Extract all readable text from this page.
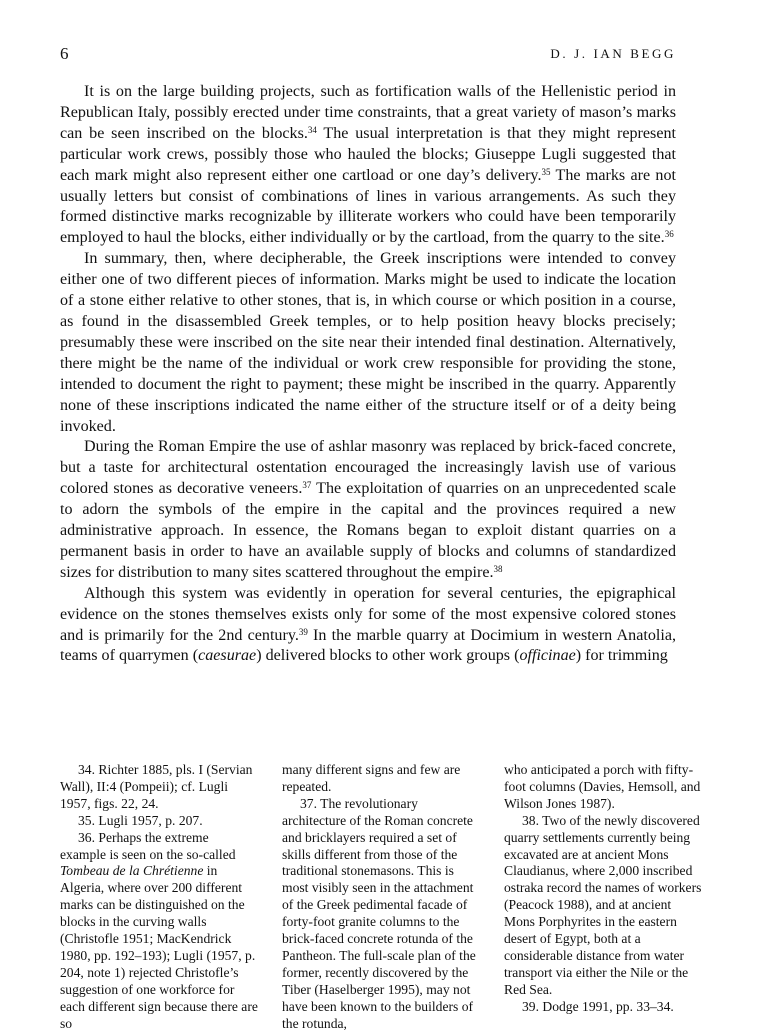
6	D. J. IAN BEGG

It is on the large building projects, such as fortification walls of the Hellenistic period in Republican Italy, possibly erected under time constraints, that a great variety of mason’s marks can be seen inscribed on the blocks.$^{34}$ The usual interpretation is that they might represent particular work crews, possibly those who hauled the blocks; Giuseppe Lugli suggested that each mark might also represent either one cartload or one day’s delivery.$^{35}$ The marks are not usually letters but consist of combinations of lines in various arrangements. As such they formed distinctive marks recognizable by illiterate workers who could have been temporarily employed to haul the blocks, either individually or by the cartload, from the quarry to the site.$^{36}$

In summary, then, where decipherable, the Greek inscriptions were intended to convey either one of two different pieces of information. Marks might be used to indicate the location of a stone either relative to other stones, that is, in which course or which position in a course, as found in the disassembled Greek temples, or to help position heavy blocks precisely; presumably these were inscribed on the site near their intended final destination. Alternatively, there might be the name of the individual or work crew responsible for providing the stone, intended to document the right to payment; these might be inscribed in the quarry. Apparently none of these inscriptions indicated the name either of the structure itself or of a deity being invoked.

During the Roman Empire the use of ashlar masonry was replaced by brick-faced concrete, but a taste for architectural ostentation encouraged the increasingly lavish use of various colored stones as decorative veneers.$^{37}$ The exploitation of quarries on an unprecedented scale to adorn the symbols of the empire in the capital and the provinces required a new administrative approach. In essence, the Romans began to exploit distant quarries on a permanent basis in order to have an available supply of blocks and columns of standardized sizes for distribution to many sites scattered throughout the empire.$^{38}$

Although this system was evidently in operation for several centuries, the epigraphical evidence on the stones themselves exists only for some of the most expensive colored stones and is primarily for the 2nd century.$^{39}$ In the marble quarry at Docimium in western Anatolia, teams of quarrymen (caesurae) delivered blocks to other work groups (officinae) for trimming

34. Richter 1885, pls. I (Servian Wall), II:4 (Pompeii); cf. Lugli 1957, figs. 22, 24.

35. Lugli 1957, p. 207.

36. Perhaps the extreme example is seen on the so-called Tombeau de la Chrétienne in Algeria, where over 200 different marks can be distinguished on the blocks in the curving walls (Christofle 1951; MacKendrick 1980, pp. 192–193); Lugli (1957, p. 204, note 1) rejected Christofle’s suggestion of one workforce for each different sign because there are so

many different signs and few are repeated.

37. The revolutionary architecture of the Roman concrete and bricklayers required a set of skills different from those of the traditional stonemasons. This is most visibly seen in the attachment of the Greek pedimental facade of forty-foot granite columns to the brick-faced concrete rotunda of the Pantheon. The full-scale plan of the former, recently discovered by the Tiber (Haselberger 1995), may not have been known to the builders of the rotunda,

who anticipated a porch with fifty-foot columns (Davies, Hemsoll, and Wilson Jones 1987).

38. Two of the newly discovered quarry settlements currently being excavated are at ancient Mons Claudianus, where 2,000 inscribed ostraka record the names of workers (Peacock 1988), and at ancient Mons Porphyrites in the eastern desert of Egypt, both at a considerable distance from water transport via either the Nile or the Red Sea.

39. Dodge 1991, pp. 33–34.
